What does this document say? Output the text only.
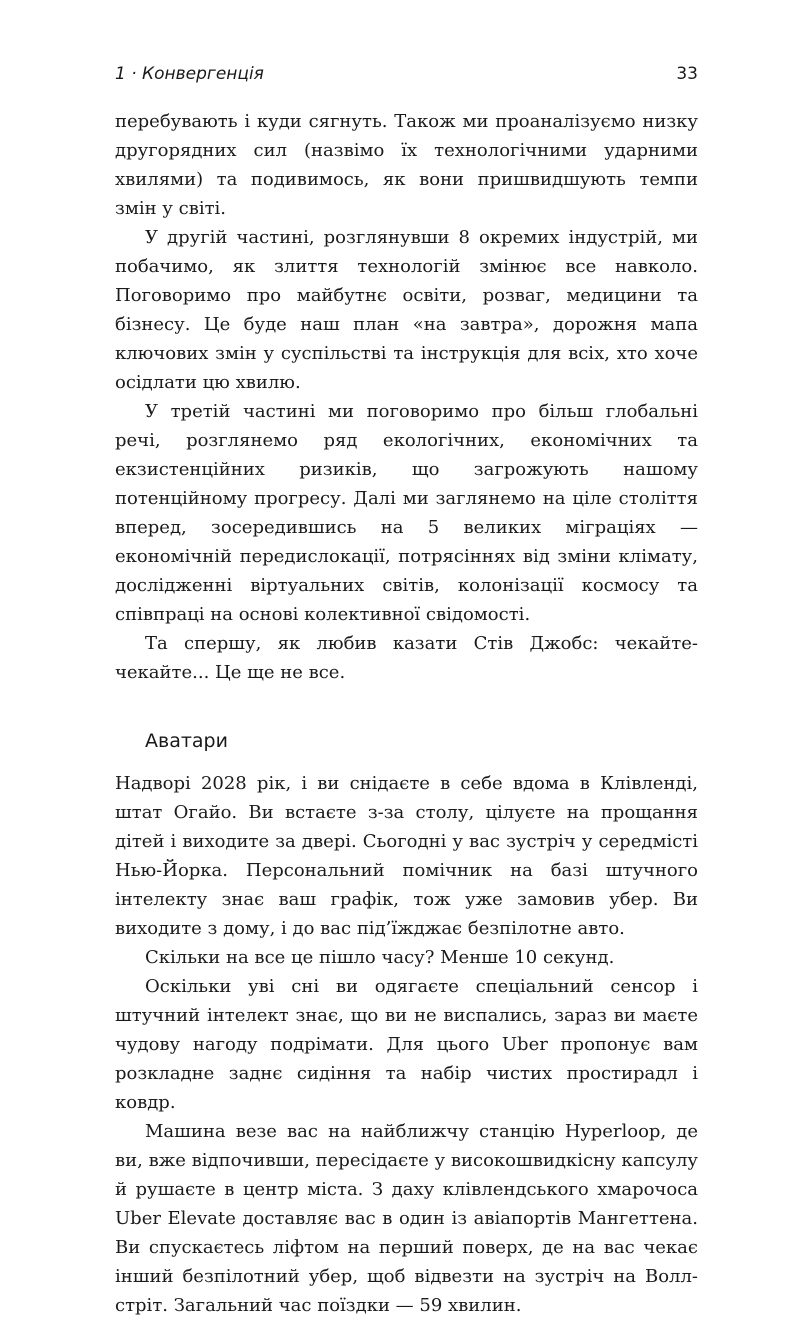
1 · Конвергенція	33

перебувають і куди сягнуть. Також ми проаналізуємо низку другорядних сил (назвімо їх технологічними ударними хвилями) та подивимось, як вони пришвидшують темпи змін у світі.

У другій частині, розглянувши 8 окремих індустрій, ми побачимо, як злиття технологій змінює все навколо. Поговоримо про майбутнє освіти, розваг, медицини та бізнесу. Це буде наш план «на завтра», дорожня мапа ключових змін у суспільстві та інструкція для всіх, хто хоче осідлати цю хвилю.

У третій частині ми поговоримо про більш глобальні речі, розглянемо ряд екологічних, економічних та екзистенційних ризиків, що загрожують нашому потенційному прогресу. Далі ми заглянемо на ціле століття вперед, зосередившись на 5 великих міграціях — економічній передислокації, потрясіннях від зміни клімату, дослідженні віртуальних світів, колонізації космосу та співпраці на основі колективної свідомості.

Та спершу, як любив казати Стів Джобс: чекайте-чекайте... Це ще не все.

Аватари

Надворі 2028 рік, і ви снідаєте в себе вдома в Клівленді, штат Огайо. Ви встаєте з-за столу, цілуєте на прощання дітей і виходите за двері. Сьогодні у вас зустріч у середмісті Нью-Йорка. Персональний помічник на базі штучного інтелекту знає ваш графік, тож уже замовив убер. Ви виходите з дому, і до вас під’їжджає безпілотне авто.

Скільки на все це пішло часу? Менше 10 секунд.

Оскільки уві сні ви одягаєте спеціальний сенсор і штучний інтелект знає, що ви не виспались, зараз ви маєте чудову нагоду подрімати. Для цього Uber пропонує вам розкладне заднє сидіння та набір чистих простирадл і ковдр.

Машина везе вас на найближчу станцію Hyperloop, де ви, вже відпочивши, пересідаєте у високошвидкісну капсулу й рушаєте в центр міста. З даху клівлендського хмарочоса Uber Elevate доставляє вас в один із авіапортів Мангеттена. Ви спускаєтесь ліфтом на перший поверх, де на вас чекає інший безпілотний убер, щоб відвезти на зустріч на Волл-стріт. Загальний час поїздки — 59 хвилин.
